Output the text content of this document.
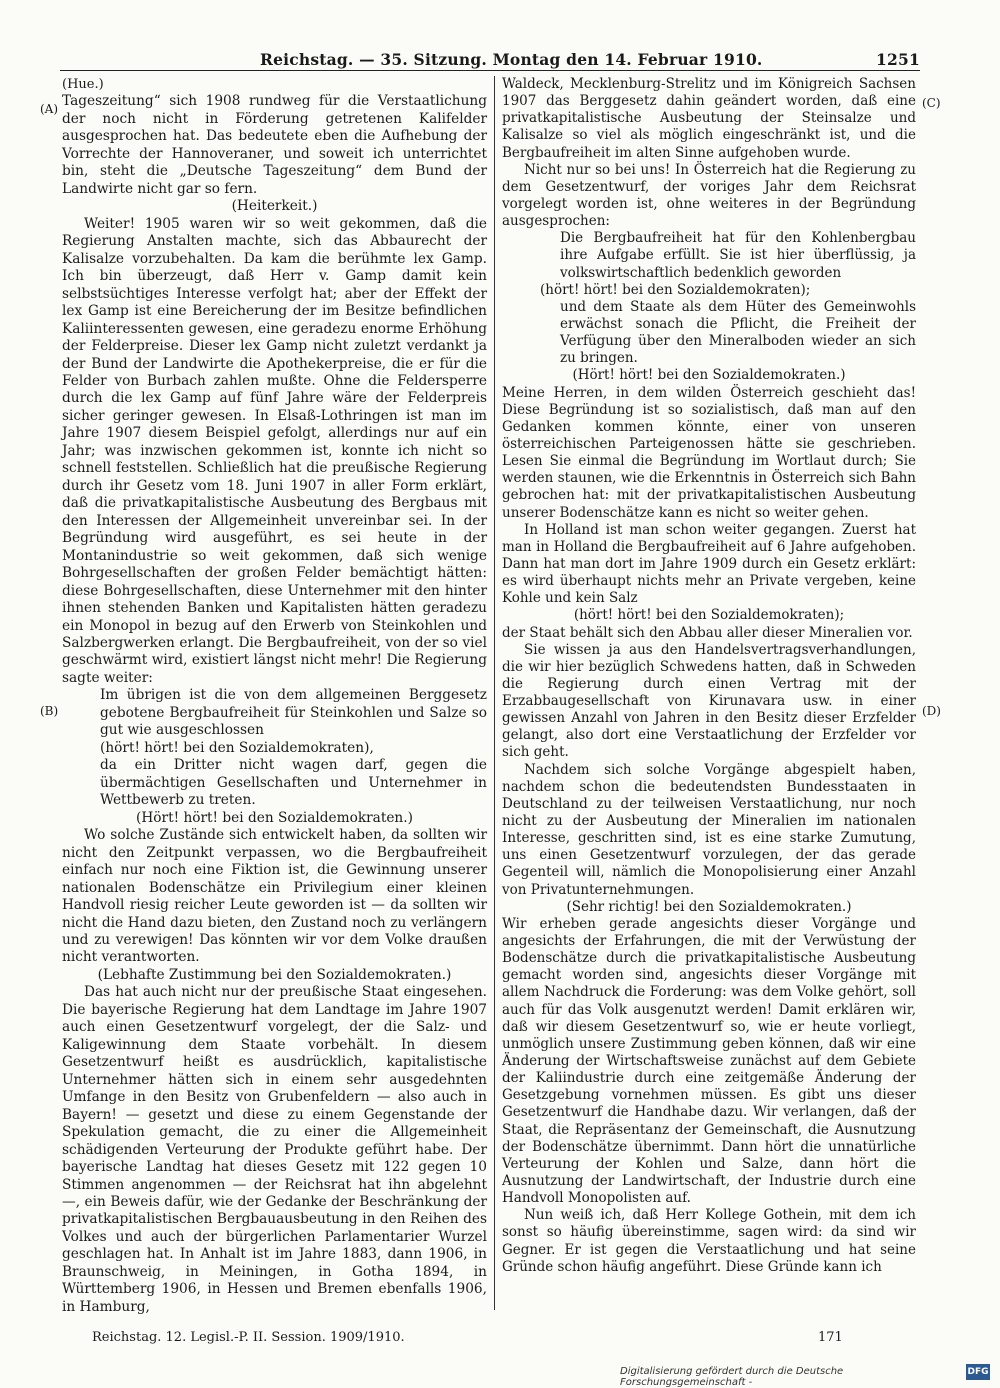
Reichstag. — 35. Sitzung. Montag den 14. Februar 1910.	1251
(A)
(B)
(C)
(D)

(Hue.)

Tageszeitung“ sich 1908 rundweg für die Verstaatlichung der noch nicht in Förderung getretenen Kalifelder ausgesprochen hat. Das bedeutete eben die Aufhebung der Vorrechte der Hannoveraner, und soweit ich unterrichtet bin, steht die „Deutsche Tageszeitung“ dem Bund der Landwirte nicht gar so fern.

(Heiterkeit.)

Weiter! 1905 waren wir so weit gekommen, daß die Regierung Anstalten machte, sich das Abbaurecht der Kalisalze vorzubehalten. Da kam die berühmte lex Gamp. Ich bin überzeugt, daß Herr v. Gamp damit kein selbstsüchtiges Interesse verfolgt hat; aber der Effekt der lex Gamp ist eine Bereicherung der im Besitze befindlichen Kaliinteressenten gewesen, eine geradezu enorme Erhöhung der Felderpreise. Dieser lex Gamp nicht zuletzt verdankt ja der Bund der Landwirte die Apothekerpreise, die er für die Felder von Burbach zahlen mußte. Ohne die Feldersperre durch die lex Gamp auf fünf Jahre wäre der Felderpreis sicher geringer gewesen. In Elsaß-Lothringen ist man im Jahre 1907 diesem Beispiel gefolgt, allerdings nur auf ein Jahr; was inzwischen gekommen ist, konnte ich nicht so schnell feststellen. Schließlich hat die preußische Regierung durch ihr Gesetz vom 18. Juni 1907 in aller Form erklärt, daß die privatkapitalistische Ausbeutung des Bergbaus mit den Interessen der Allgemeinheit unvereinbar sei. In der Begründung wird ausgeführt, es sei heute in der Montanindustrie so weit gekommen, daß sich wenige Bohrgesellschaften der großen Felder bemächtigt hätten: diese Bohrgesellschaften, diese Unternehmer mit den hinter ihnen stehenden Banken und Kapitalisten hätten geradezu ein Monopol in bezug auf den Erwerb von Steinkohlen und Salzbergwerken erlangt. Die Bergbaufreiheit, von der so viel geschwärmt wird, existiert längst nicht mehr! Die Regierung sagte weiter:

Im übrigen ist die von dem allgemeinen Berggesetz gebotene Bergbaufreiheit für Steinkohlen und Salze so gut wie ausgeschlossen

(hört! hört! bei den Sozialdemokraten),

da ein Dritter nicht wagen darf, gegen die übermächtigen Gesellschaften und Unternehmer in Wettbewerb zu treten.

(Hört! hört! bei den Sozialdemokraten.)

Wo solche Zustände sich entwickelt haben, da sollten wir nicht den Zeitpunkt verpassen, wo die Bergbaufreiheit einfach nur noch eine Fiktion ist, die Gewinnung unserer nationalen Bodenschätze ein Privilegium einer kleinen Handvoll riesig reicher Leute geworden ist — da sollten wir nicht die Hand dazu bieten, den Zustand noch zu verlängern und zu verewigen! Das könnten wir vor dem Volke draußen nicht verantworten.

(Lebhafte Zustimmung bei den Sozialdemokraten.)

Das hat auch nicht nur der preußische Staat eingesehen. Die bayerische Regierung hat dem Landtage im Jahre 1907 auch einen Gesetzentwurf vorgelegt, der die Salz- und Kaligewinnung dem Staate vorbehält. In diesem Gesetzentwurf heißt es ausdrücklich, kapitalistische Unternehmer hätten sich in einem sehr ausgedehnten Umfange in den Besitz von Grubenfeldern — also auch in Bayern! — gesetzt und diese zu einem Gegenstande der Spekulation gemacht, die zu einer die Allgemeinheit schädigenden Verteurung der Produkte geführt habe. Der bayerische Landtag hat dieses Gesetz mit 122 gegen 10 Stimmen angenommen — der Reichsrat hat ihn abgelehnt —, ein Beweis dafür, wie der Gedanke der Beschränkung der privatkapitalistischen Bergbauausbeutung in den Reihen des Volkes und auch der bürgerlichen Parlamentarier Wurzel geschlagen hat. In Anhalt ist im Jahre 1883, dann 1906, in Braunschweig, in Meiningen, in Gotha 1894, in Württemberg 1906, in Hessen und Bremen ebenfalls 1906, in Hamburg,

Waldeck, Mecklenburg-Strelitz und im Königreich Sachsen 1907 das Berggesetz dahin geändert worden, daß eine privatkapitalistische Ausbeutung der Steinsalze und Kalisalze so viel als möglich eingeschränkt ist, und die Bergbaufreiheit im alten Sinne aufgehoben wurde.

Nicht nur so bei uns! In Österreich hat die Regierung zu dem Gesetzentwurf, der voriges Jahr dem Reichsrat vorgelegt worden ist, ohne weiteres in der Begründung ausgesprochen:

Die Bergbaufreiheit hat für den Kohlenbergbau ihre Aufgabe erfüllt. Sie ist hier überflüssig, ja volkswirtschaftlich bedenklich geworden

(hört! hört! bei den Sozialdemokraten);

und dem Staate als dem Hüter des Gemeinwohls erwächst sonach die Pflicht, die Freiheit der Verfügung über den Mineralboden wieder an sich zu bringen.

(Hört! hört! bei den Sozialdemokraten.)

Meine Herren, in dem wilden Österreich geschieht das! Diese Begründung ist so sozialistisch, daß man auf den Gedanken kommen könnte, einer von unseren österreichischen Parteigenossen hätte sie geschrieben. Lesen Sie einmal die Begründung im Wortlaut durch; Sie werden staunen, wie die Erkenntnis in Österreich sich Bahn gebrochen hat: mit der privatkapitalistischen Ausbeutung unserer Bodenschätze kann es nicht so weiter gehen.

In Holland ist man schon weiter gegangen. Zuerst hat man in Holland die Bergbaufreiheit auf 6 Jahre aufgehoben. Dann hat man dort im Jahre 1909 durch ein Gesetz erklärt: es wird überhaupt nichts mehr an Private vergeben, keine Kohle und kein Salz

(hört! hört! bei den Sozialdemokraten);

der Staat behält sich den Abbau aller dieser Mineralien vor.

Sie wissen ja aus den Handelsvertragsverhandlungen, die wir hier bezüglich Schwedens hatten, daß in Schweden die Regierung durch einen Vertrag mit der Erzabbaugesellschaft von Kirunavara usw. in einer gewissen Anzahl von Jahren in den Besitz dieser Erzfelder gelangt, also dort eine Verstaatlichung der Erzfelder vor sich geht.

Nachdem sich solche Vorgänge abgespielt haben, nachdem schon die bedeutendsten Bundesstaaten in Deutschland zu der teilweisen Verstaatlichung, nur noch nicht zu der Ausbeutung der Mineralien im nationalen Interesse, geschritten sind, ist es eine starke Zumutung, uns einen Gesetzentwurf vorzulegen, der das gerade Gegenteil will, nämlich die Monopolisierung einer Anzahl von Privatunternehmungen.

(Sehr richtig! bei den Sozialdemokraten.)

Wir erheben gerade angesichts dieser Vorgänge und angesichts der Erfahrungen, die mit der Verwüstung der Bodenschätze durch die privatkapitalistische Ausbeutung gemacht worden sind, angesichts dieser Vorgänge mit allem Nachdruck die Forderung: was dem Volke gehört, soll auch für das Volk ausgenutzt werden! Damit erklären wir, daß wir diesem Gesetzentwurf so, wie er heute vorliegt, unmöglich unsere Zustimmung geben können, daß wir eine Änderung der Wirtschaftsweise zunächst auf dem Gebiete der Kaliindustrie durch eine zeitgemäße Änderung der Gesetzgebung vornehmen müssen. Es gibt uns dieser Gesetzentwurf die Handhabe dazu. Wir verlangen, daß der Staat, die Repräsentanz der Gemeinschaft, die Ausnutzung der Bodenschätze übernimmt. Dann hört die unnatürliche Verteurung der Kohlen und Salze, dann hört die Ausnutzung der Landwirtschaft, der Industrie durch eine Handvoll Monopolisten auf.

Nun weiß ich, daß Herr Kollege Gothein, mit dem ich sonst so häufig übereinstimme, sagen wird: da sind wir Gegner. Er ist gegen die Verstaatlichung und hat seine Gründe schon häufig angeführt. Diese Gründe kann ich

Reichstag. 12. Legisl.-P. II. Session. 1909/1910.	171
Digitalisierung gefördert durch die Deutsche Forschungsgemeinschaft -
DFG
